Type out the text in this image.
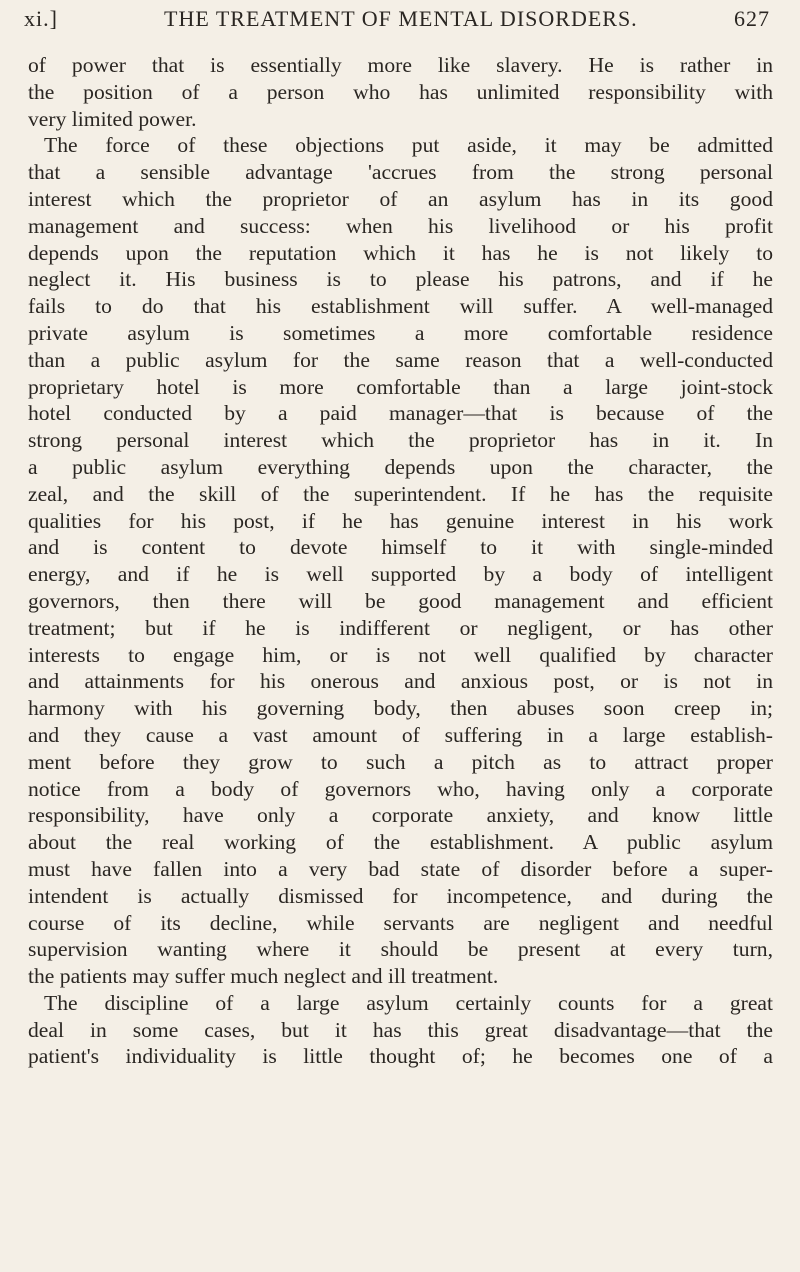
xi.]	THE TREATMENT OF MENTAL DISORDERS.	627
of power that is essentially more like slavery. He is rather in
the position of a person who has unlimited responsibility with
very limited power.
The force of these objections put aside, it may be admitted
that a sensible advantage 'accrues from the strong personal
interest which the proprietor of an asylum has in its good
management and success: when his livelihood or his profit
depends upon the reputation which it has he is not likely to
neglect it. His business is to please his patrons, and if he
fails to do that his establishment will suffer. A well-managed
private asylum is sometimes a more comfortable residence
than a public asylum for the same reason that a well-conducted
proprietary hotel is more comfortable than a large joint-stock
hotel conducted by a paid manager—that is because of the
strong personal interest which the proprietor has in it. In
a public asylum everything depends upon the character, the
zeal, and the skill of the superintendent. If he has the requisite
qualities for his post, if he has genuine interest in his work
and is content to devote himself to it with single-minded
energy, and if he is well supported by a body of intelligent
governors, then there will be good management and efficient
treatment; but if he is indifferent or negligent, or has other
interests to engage him, or is not well qualified by character
and attainments for his onerous and anxious post, or is not in
harmony with his governing body, then abuses soon creep in;
and they cause a vast amount of suffering in a large establish-
ment before they grow to such a pitch as to attract proper
notice from a body of governors who, having only a corporate
responsibility, have only a corporate anxiety, and know little
about the real working of the establishment. A public asylum
must have fallen into a very bad state of disorder before a super-
intendent is actually dismissed for incompetence, and during the
course of its decline, while servants are negligent and needful
supervision wanting where it should be present at every turn,
the patients may suffer much neglect and ill treatment.
The discipline of a large asylum certainly counts for a great
deal in some cases, but it has this great disadvantage—that the
patient's individuality is little thought of; he becomes one of a
